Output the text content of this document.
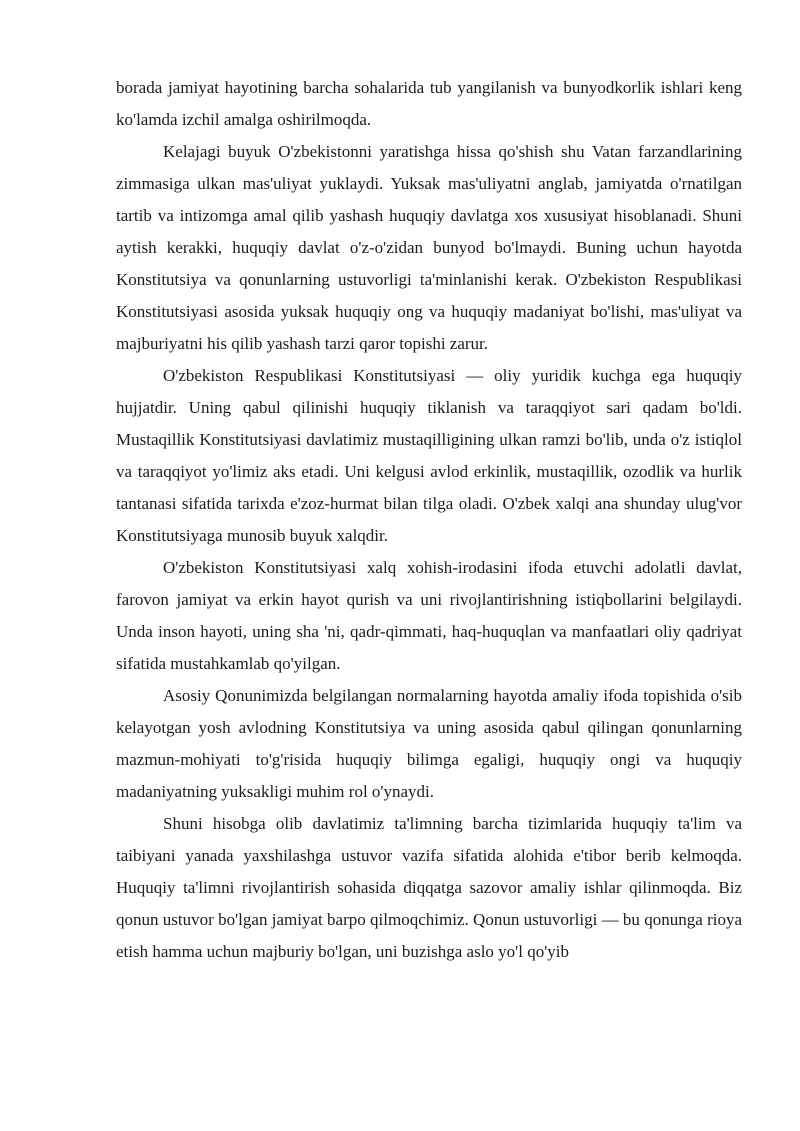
borada jamiyat hayotining barcha sohalarida tub yangilanish va bunyodkorlik ishlari keng ko'lamda izchil amalga oshirilmoqda.

Kelajagi buyuk O'zbekistonni yaratishga hissa qo'shish shu Vatan farzandlarining zimmasiga ulkan mas'uliyat yuklaydi. Yuksak mas'uliyatni anglab, jamiyatda o'rnatilgan tartib va intizomga amal qilib yashash huquqiy davlatga xos xususiyat hisoblanadi. Shuni aytish kerakki, huquqiy davlat o'z-o'zidan bunyod bo'lmaydi. Buning uchun hayotda Konstitutsiya va qonunlarning ustuvorligi ta'minlanishi kerak. O'zbekiston Respublikasi Konstitutsiyasi asosida yuksak huquqiy ong va huquqiy madaniyat bo'lishi, mas'uliyat va majburiyatni his qilib yashash tarzi qaror topishi zarur.

O'zbekiston Respublikasi Konstitutsiyasi — oliy yuridik kuchga ega huquqiy hujjatdir. Uning qabul qilinishi huquqiy tiklanish va taraqqiyot sari qadam bo'ldi. Mustaqillik Konstitutsiyasi davlatimiz mustaqilligining ulkan ramzi bo'lib, unda o'z istiqlol va taraqqiyot yo'limiz aks etadi. Uni kelgusi avlod erkinlik, mustaqillik, ozodlik va hurlik tantanasi sifatida tarixda e'zoz-hurmat bilan tilga oladi. O'zbek xalqi ana shunday ulug'vor Konstitutsiyaga munosib buyuk xalqdir.

O'zbekiston Konstitutsiyasi xalq xohish-irodasini ifoda etuvchi adolatli davlat, farovon jamiyat va erkin hayot qurish va uni rivojlantirishning istiqbollarini belgilaydi. Unda inson hayoti, uning sha 'ni, qadr-qimmati, haq-huquqlan va manfaatlari oliy qadriyat sifatida mustahkamlab qo'yilgan.

Asosiy Qonunimizda belgilangan normalarning hayotda amaliy ifoda topishida o'sib kelayotgan yosh avlodning Konstitutsiya va uning asosida qabul qilingan qonunlarning mazmun-mohiyati to'g'risida huquqiy bilimga egaligi, huquqiy ongi va huquqiy madaniyatning yuksakligi muhim rol o'ynaydi.

Shuni hisobga olib davlatimiz ta'limning barcha tizimlarida huquqiy ta'lim va taibiyani yanada yaxshilashga ustuvor vazifa sifatida alohida e'tibor berib kelmoqda. Huquqiy ta'limni rivojlantirish sohasida diqqatga sazovor amaliy ishlar qilinmoqda. Biz qonun ustuvor bo'lgan jamiyat barpo qilmoqchimiz. Qonun ustuvorligi — bu qonunga rioya etish hamma uchun majburiy bo'lgan, uni buzishga aslo yo'l qo'yib
